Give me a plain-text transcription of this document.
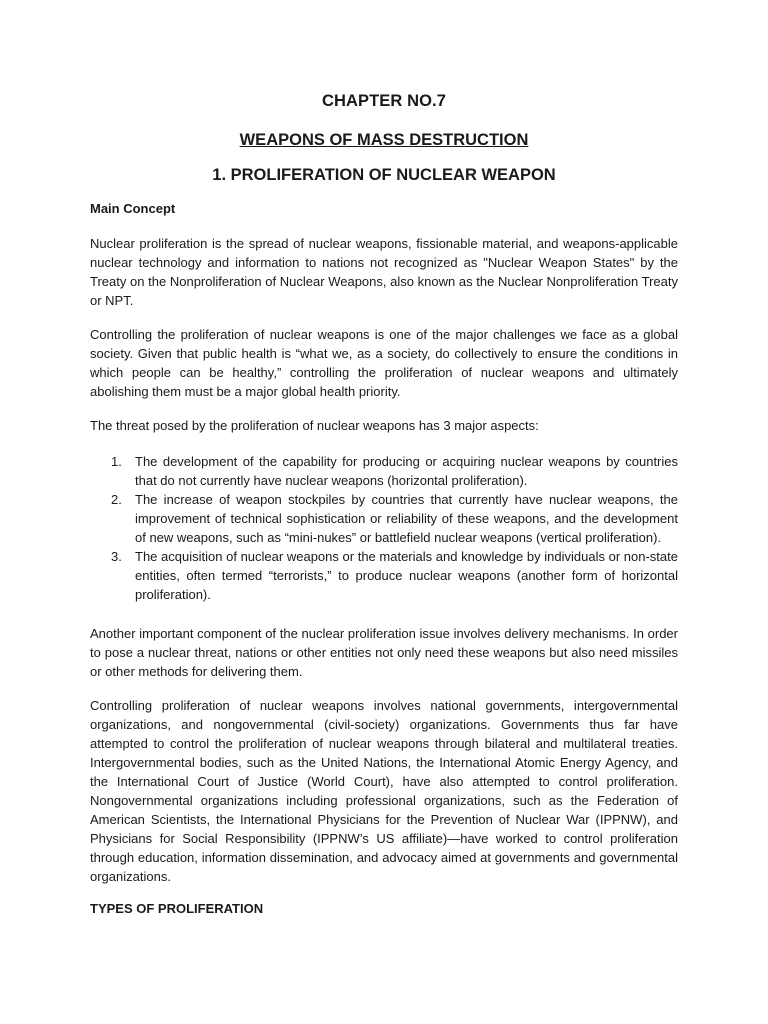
CHAPTER NO.7
WEAPONS OF MASS DESTRUCTION
1. PROLIFERATION OF NUCLEAR WEAPON
Main Concept

Nuclear proliferation is the spread of nuclear weapons, fissionable material, and weapons-applicable nuclear technology and information to nations not recognized as "Nuclear Weapon States" by the Treaty on the Nonproliferation of Nuclear Weapons, also known as the Nuclear Nonproliferation Treaty or NPT.

Controlling the proliferation of nuclear weapons is one of the major challenges we face as a global society. Given that public health is “what we, as a society, do collectively to ensure the conditions in which people can be healthy,” controlling the proliferation of nuclear weapons and ultimately abolishing them must be a major global health priority.

The threat posed by the proliferation of nuclear weapons has 3 major aspects:

1.	The development of the capability for producing or acquiring nuclear weapons by countries that do not currently have nuclear weapons (horizontal proliferation).
2.	The increase of weapon stockpiles by countries that currently have nuclear weapons, the improvement of technical sophistication or reliability of these weapons, and the development of new weapons, such as “mini-nukes” or battlefield nuclear weapons (vertical proliferation).
3.	The acquisition of nuclear weapons or the materials and knowledge by individuals or non-state entities, often termed “terrorists,” to produce nuclear weapons (another form of horizontal proliferation).

Another important component of the nuclear proliferation issue involves delivery mechanisms. In order to pose a nuclear threat, nations or other entities not only need these weapons but also need missiles or other methods for delivering them.

Controlling proliferation of nuclear weapons involves national governments, intergovernmental organizations, and nongovernmental (civil-society) organizations. Governments thus far have attempted to control the proliferation of nuclear weapons through bilateral and multilateral treaties. Intergovernmental bodies, such as the United Nations, the International Atomic Energy Agency, and the International Court of Justice (World Court), have also attempted to control proliferation. Nongovernmental organizations including professional organizations, such as the Federation of American Scientists, the International Physicians for the Prevention of Nuclear War (IPPNW), and Physicians for Social Responsibility (IPPNW’s US affiliate)—have worked to control proliferation through education, information dissemination, and advocacy aimed at governments and governmental organizations.

TYPES OF PROLIFERATION
